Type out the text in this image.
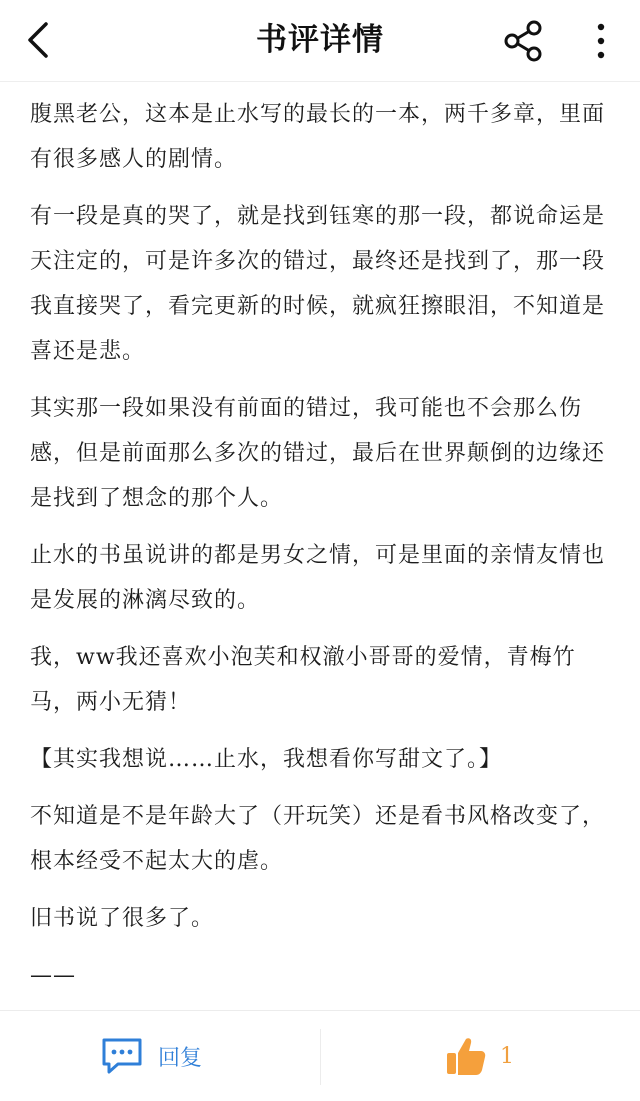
书评详情

腹黑老公，这本是止水写的最长的一本，两千多章，里面有很多感人的剧情。

有一段是真的哭了，就是找到钰寒的那一段，都说命运是天注定的，可是许多次的错过，最终还是找到了，那一段我直接哭了，看完更新的时候，就疯狂擦眼泪，不知道是喜还是悲。

其实那一段如果没有前面的错过，我可能也不会那么伤感，但是前面那么多次的错过，最后在世界颠倒的边缘还是找到了想念的那个人。

止水的书虽说讲的都是男女之情，可是里面的亲情友情也是发展的淋漓尽致的。

我，ww我还喜欢小泡芙和权澈小哥哥的爱情，青梅竹马，两小无猜！

【其实我想说……止水，我想看你写甜文了。】

不知道是不是年龄大了（开玩笑）还是看书风格改变了，根本经受不起太大的虐。

旧书说了很多了。

——

回复	1
